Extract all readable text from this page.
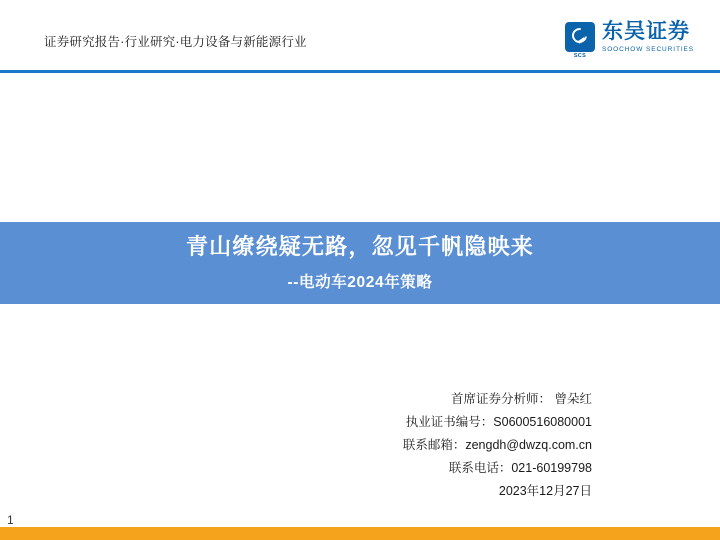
证券研究报告·行业研究·电力设备与新能源行业
SCS
东吴证券
SOOCHOW SECURITIES
青山缭绕疑无路，忽见千帆隐映来
--电动车2024年策略
首席证券分析师： 曾朵红
执业证书编号：S0600516080001
联系邮箱：zengdh@dwzq.com.cn
联系电话：021-60199798
2023年12月27日
1
